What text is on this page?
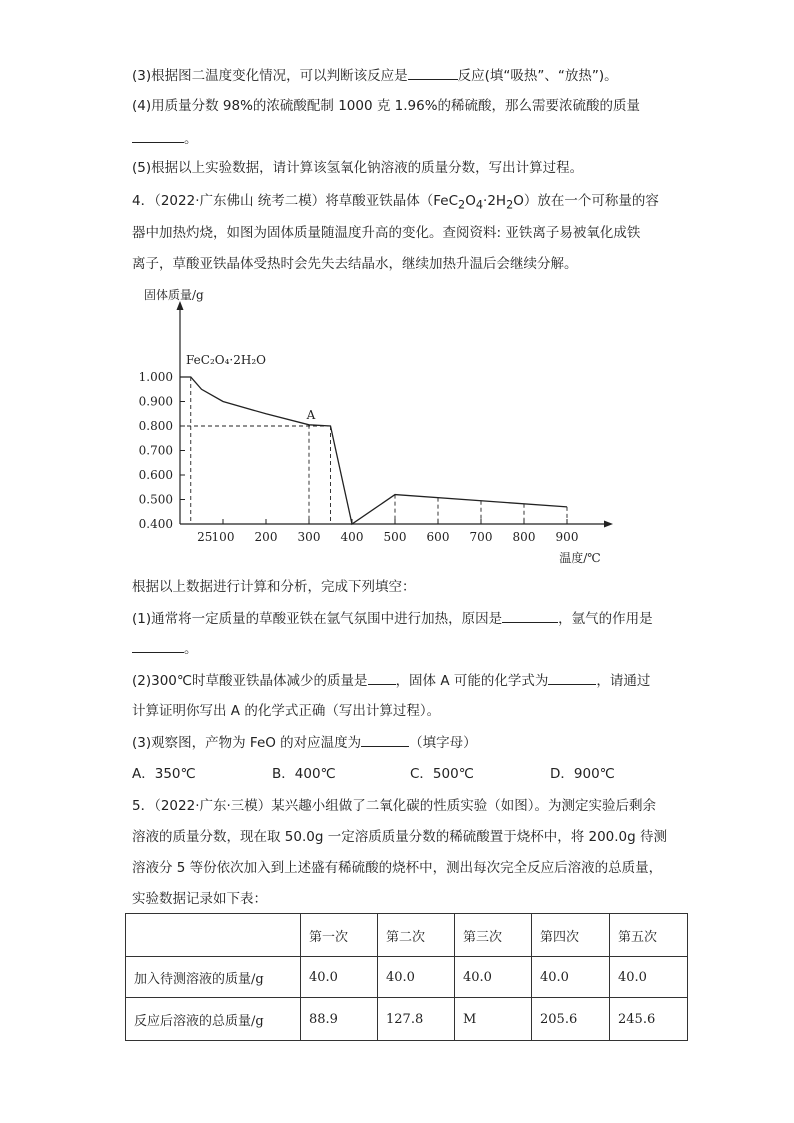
(3)根据图二温度变化情况，可以判断该反应是	反应(填“吸热”、“放热”)。
(4)用质量分数 98%的浓硫酸配制 1000 克 1.96%的稀硫酸，那么需要浓硫酸的质量
。
(5)根据以上实验数据，请计算该氢氧化钠溶液的质量分数，写出计算过程。
4．（2022·广东佛山 统考二模）将草酸亚铁晶体$(FeC_2O_4\cdot 2H_2O)$放在一个可称量的容
器中加热灼烧，如图为固体质量随温度升高的变化。查阅资料: 亚铁离子易被氧化成铁
离子，草酸亚铁晶体受热时会先失去结晶水，继续加热升温后会继续分解。
1.000
0.900
0.800
0.700
0.600
0.500
0.400
25 100 200 300 400 500 600 700 800 900
固体质量/g
温度/℃
FeC₂O₄·2H₂O
A
根据以上数据进行计算和分析，完成下列填空：
(1)通常将一定质量的草酸亚铁在氩气氛围中进行加热，原因是	，氩气的作用是
。
(2)300℃时草酸亚铁晶体减少的质量是 ，固体 A 可能的化学式为	，请通过
计算证明你写出 A 的化学式正确（写出计算过程）。
(3)观察图，产物为 FeO 的对应温度为	（填字母）
A．350℃	B．400℃	C．500℃	D．900℃
5．（2022·广东·三模）某兴趣小组做了二氧化碳的性质实验（如图）。为测定实验后剩余
溶液的质量分数，现在取 50.0g 一定溶质质量分数的稀硫酸置于烧杯中，将 200.0g 待测
溶液分 5 等份依次加入到上述盛有稀硫酸的烧杯中，测出每次完全反应后溶液的总质量，
实验数据记录如下表：
	第一次	第二次	第三次	第四次	第五次
加入待测溶液的质量/g	40.0	40.0	40.0	40.0	40.0
反应后溶液的总质量/g	88.9	127.8	M	205.6	245.6
